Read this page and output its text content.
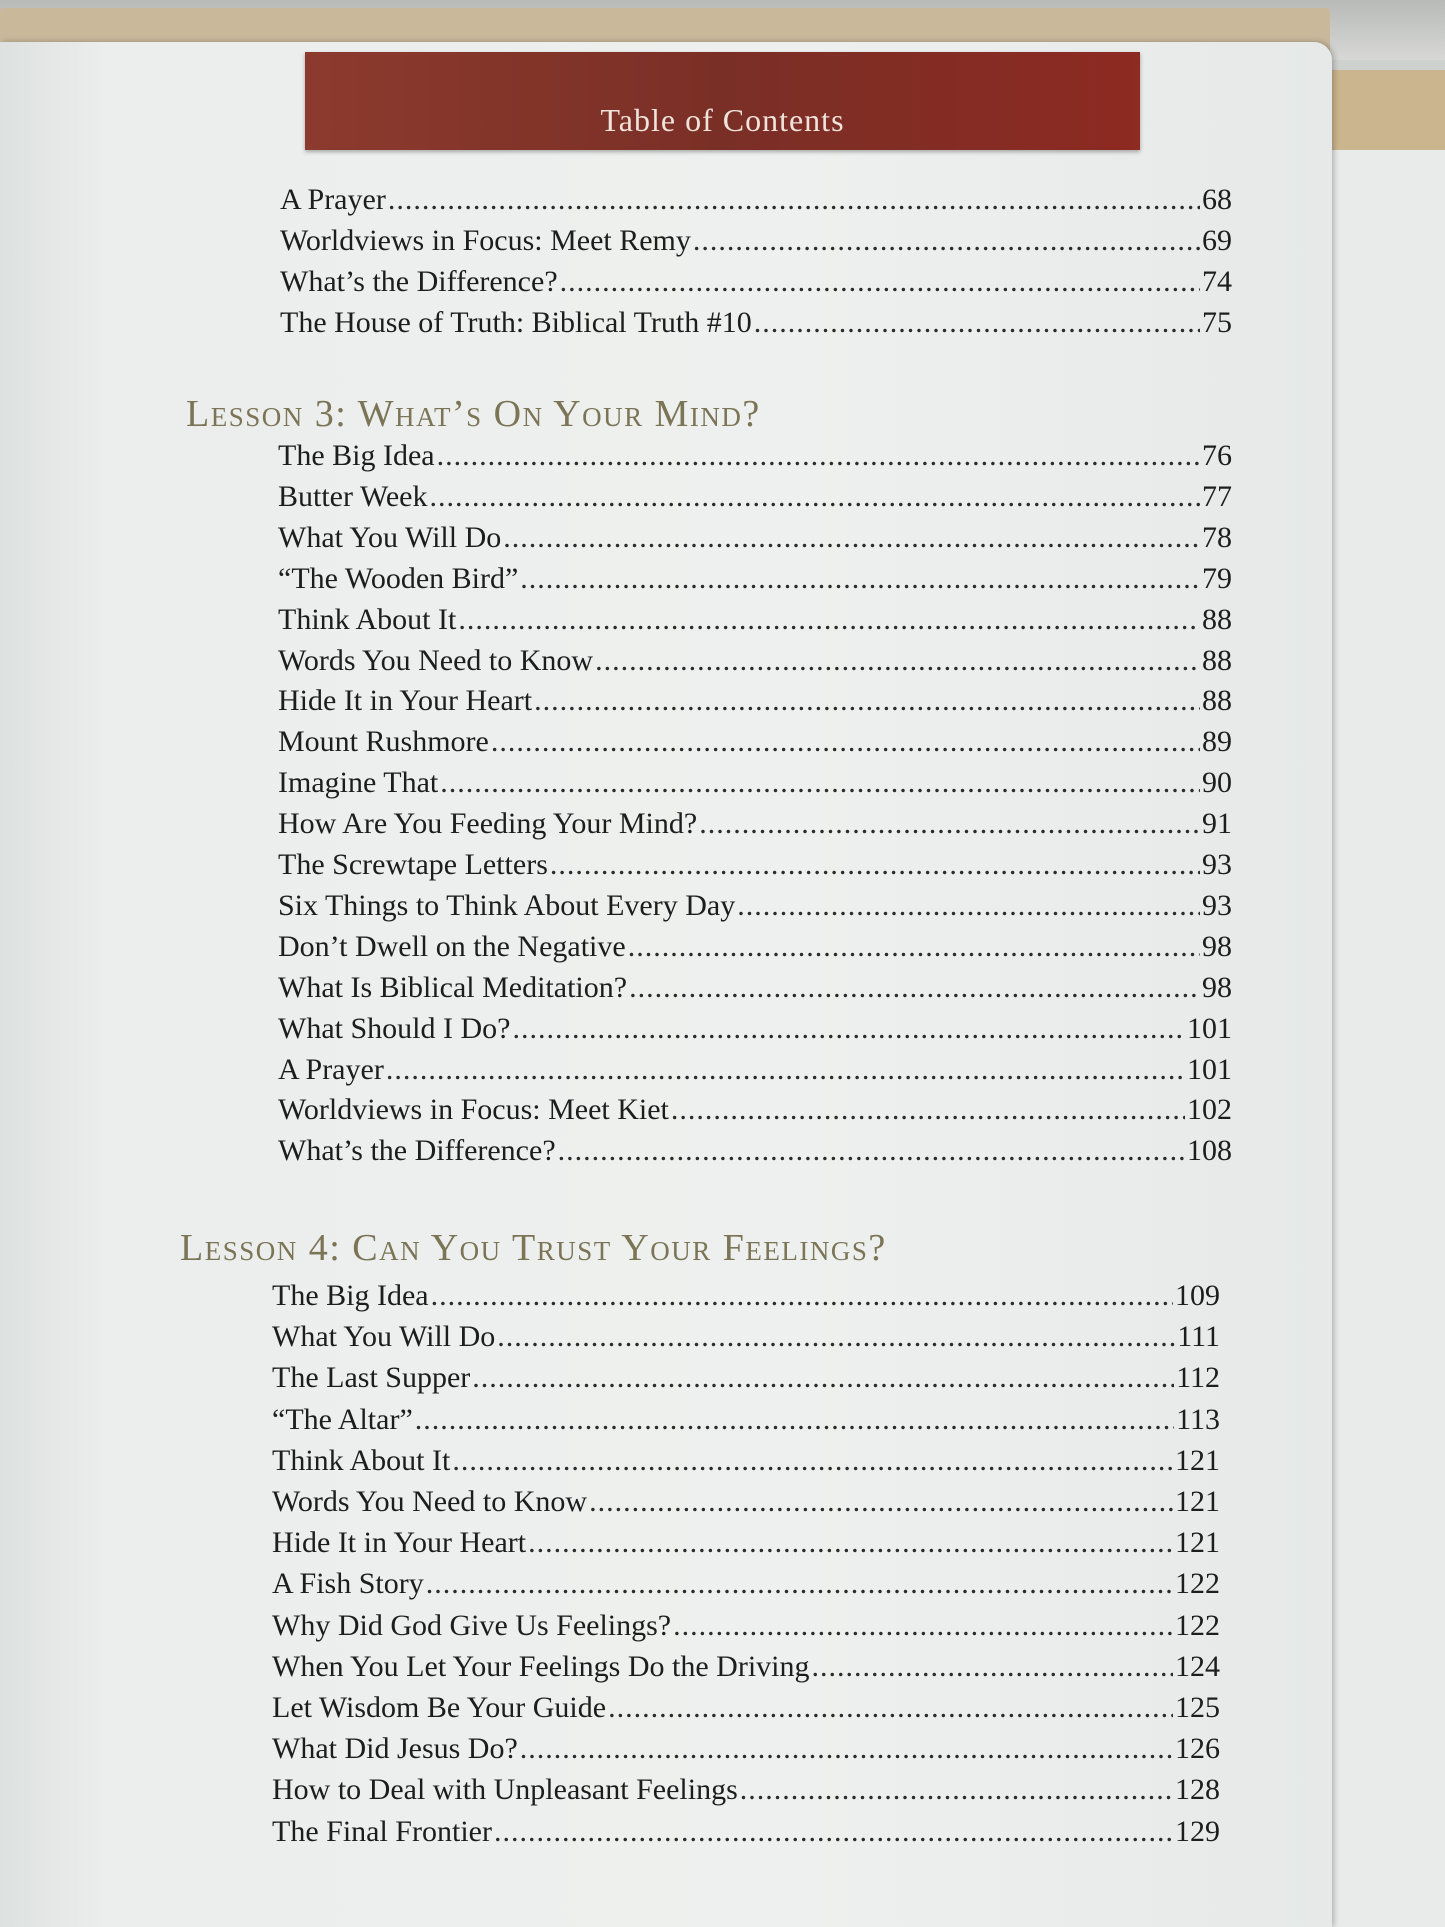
Table of Contents
A Prayer .....	68
Worldviews in Focus: Meet Remy .....	69
What’s the Difference? .....	74
The House of Truth: Biblical Truth #10 .....	75
Lesson 3: What’s On Your Mind?
The Big Idea .....	76
Butter Week .....	77
What You Will Do .....	78
“The Wooden Bird” .....	79
Think About It .....	88
Words You Need to Know .....	88
Hide It in Your Heart .....	88
Mount Rushmore .....	89
Imagine That .....	90
How Are You Feeding Your Mind? .....	91
The Screwtape Letters .....	93
Six Things to Think About Every Day .....	93
Don’t Dwell on the Negative .....	98
What Is Biblical Meditation? .....	98
What Should I Do? .....	101
A Prayer .....	101
Worldviews in Focus: Meet Kiet .....	102
What’s the Difference? .....	108
Lesson 4: Can You Trust Your Feelings?
The Big Idea .....	109
What You Will Do .....	111
The Last Supper .....	112
“The Altar” .....	113
Think About It .....	121
Words You Need to Know .....	121
Hide It in Your Heart .....	121
A Fish Story .....	122
Why Did God Give Us Feelings? .....	122
When You Let Your Feelings Do the Driving .....	124
Let Wisdom Be Your Guide .....	125
What Did Jesus Do? .....	126
How to Deal with Unpleasant Feelings .....	128
The Final Frontier .....	129
